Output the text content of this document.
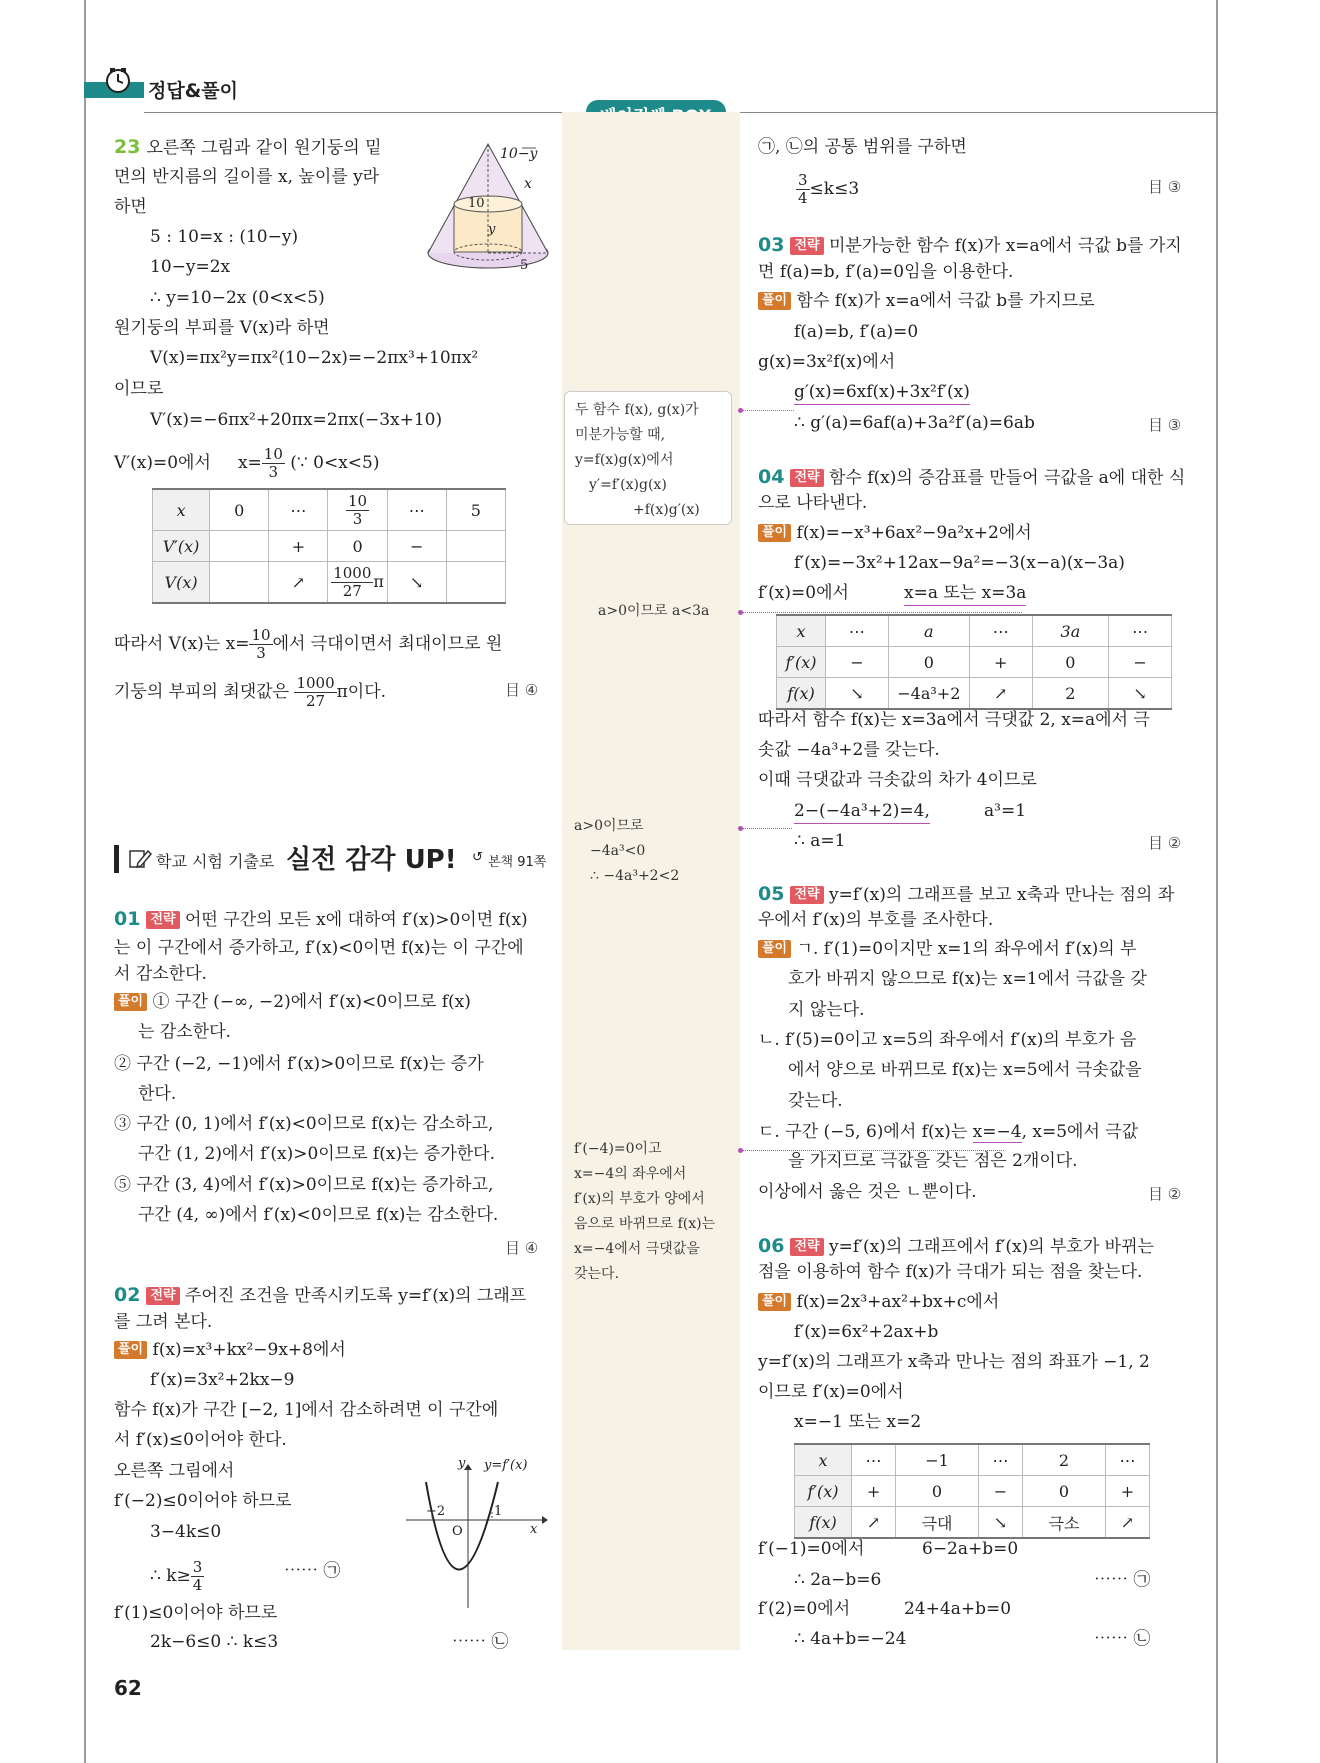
정답&풀이
23 오른쪽 그림과 같이 원기둥의 밑
면의 반지름의 길이를 x, 높이를 y라
하면
5 : 10=x : (10−y)
10−y=2x
∴ y=10−2x (0<x<5)
원기둥의 부피를 V(x)라 하면
V(x)=πx²y=πx²(10−2x)=−2πx³+10πx²
이므로
V′(x)=−6πx²+20πx=2πx(−3x+10)
V′(x)=0에서 $x= \frac{10}{3}$ (∵ 0<x<5)
10−y
x
10
y
5
x	0	⋯	$\frac{10}{3}$	⋯	5
V′(x)		+	0	−	
V(x)		↗	$\frac{1000}{27}$ π	↘	
따라서 V(x)는 $x= \frac{10}{3}$ 에서 극대이면서 최대이므로 원
기둥의 부피의 최댓값은 $\frac{1000}{27}$ π이다.	目 ④
학교 시험 기출로 실전 감각 UP! ↺ 본책 91쪽
01 전략 어떤 구간의 모든 x에 대하여 f′(x)>0이면 f(x)
는 이 구간에서 증가하고, f′(x)<0이면 f(x)는 이 구간에
서 감소한다.
풀이 ① 구간 (−∞, −2)에서 f′(x)<0이므로 f(x)
는 감소한다.
② 구간 (−2, −1)에서 f′(x)>0이므로 f(x)는 증가
한다.
③ 구간 (0, 1)에서 f′(x)<0이므로 f(x)는 감소하고,
구간 (1, 2)에서 f′(x)>0이므로 f(x)는 증가한다.
⑤ 구간 (3, 4)에서 f′(x)>0이므로 f(x)는 증가하고,
구간 (4, ∞)에서 f′(x)<0이므로 f(x)는 감소한다.
目 ④
02 전략 주어진 조건을 만족시키도록 y=f′(x)의 그래프
를 그려 본다.
풀이 f(x)=x³+kx²−9x+8에서
f′(x)=3x²+2kx−9
함수 f(x)가 구간 [−2, 1]에서 감소하려면 이 구간에
서 f′(x)≤0이어야 한다.
오른쪽 그림에서
f′(−2)≤0이어야 하므로
3−4k≤0
∴ $k\ge \frac{3}{4}$	⋯⋯ ㉠
f′(1)≤0이어야 하므로
2k−6≤0 ∴ k≤3	⋯⋯ ㉡
y y=f′(x)
−2	1
O	x
62
두 함수 f(x), g(x)가
미분가능할 때,
y=f(x)g(x)에서
y′=f′(x)g(x)
+f(x)g′(x)
a>0이므로 a<3a
a>0이므로
−4a³<0
∴ −4a³+2<2
f′(−4)=0이고
x=−4의 좌우에서
f′(x)의 부호가 양에서
음으로 바뀌므로 f(x)는
x=−4에서 극댓값을
갖는다.
㉠, ㉡의 공통 범위를 구하면
$\frac{3}{4} \le k\le 3$	目 ③
03 전략 미분가능한 함수 f(x)가 x=a에서 극값 b를 가지
면 f(a)=b, f′(a)=0임을 이용한다.
풀이 함수 f(x)가 x=a에서 극값 b를 가지므로
f(a)=b, f′(a)=0
g(x)=3x²f(x)에서
g′(x)=6xf(x)+3x²f′(x)
∴ g′(a)=6af(a)+3a²f′(a)=6ab	目 ③
04 전략 함수 f(x)의 증감표를 만들어 극값을 a에 대한 식
으로 나타낸다.
풀이 f(x)=−x³+6ax²−9a²x+2에서
f′(x)=−3x²+12ax−9a²=−3(x−a)(x−3a)
f′(x)=0에서	x=a 또는 x=3a
x	⋯	a	⋯	3a	⋯
f′(x)	−	0	+	0	−
f(x)	↘	−4a³+2	↗	2	↘
따라서 함수 f(x)는 x=3a에서 극댓값 2, x=a에서 극
솟값 −4a³+2를 갖는다.
이때 극댓값과 극솟값의 차가 4이므로
2−(−4a³+2)=4,	a³=1
∴ a=1	目 ②
05 전략 y=f′(x)의 그래프를 보고 x축과 만나는 점의 좌
우에서 f′(x)의 부호를 조사한다.
풀이 ㄱ. f′(1)=0이지만 x=1의 좌우에서 f′(x)의 부
호가 바뀌지 않으므로 f(x)는 x=1에서 극값을 갖
지 않는다.
ㄴ. f′(5)=0이고 x=5의 좌우에서 f′(x)의 부호가 음
에서 양으로 바뀌므로 f(x)는 x=5에서 극솟값을
갖는다.
ㄷ. 구간 (−5, 6)에서 f(x)는 x=−4, x=5에서 극값
을 가지므로 극값을 갖는 점은 2개이다.
이상에서 옳은 것은 ㄴ뿐이다.	目 ②
06 전략 y=f′(x)의 그래프에서 f′(x)의 부호가 바뀌는
점을 이용하여 함수 f(x)가 극대가 되는 점을 찾는다.
풀이 f(x)=2x³+ax²+bx+c에서
f′(x)=6x²+2ax+b
y=f′(x)의 그래프가 x축과 만나는 점의 좌표가 −1, 2
이므로 f′(x)=0에서
x=−1 또는 x=2
x	⋯	−1	⋯	2	⋯
f′(x)	+	0	−	0	+
f(x)	↗	극대	↘	극소	↗
f′(−1)=0에서	6−2a+b=0
∴ 2a−b=6	⋯⋯ ㉠
f′(2)=0에서	24+4a+b=0
∴ 4a+b=−24	⋯⋯ ㉡
